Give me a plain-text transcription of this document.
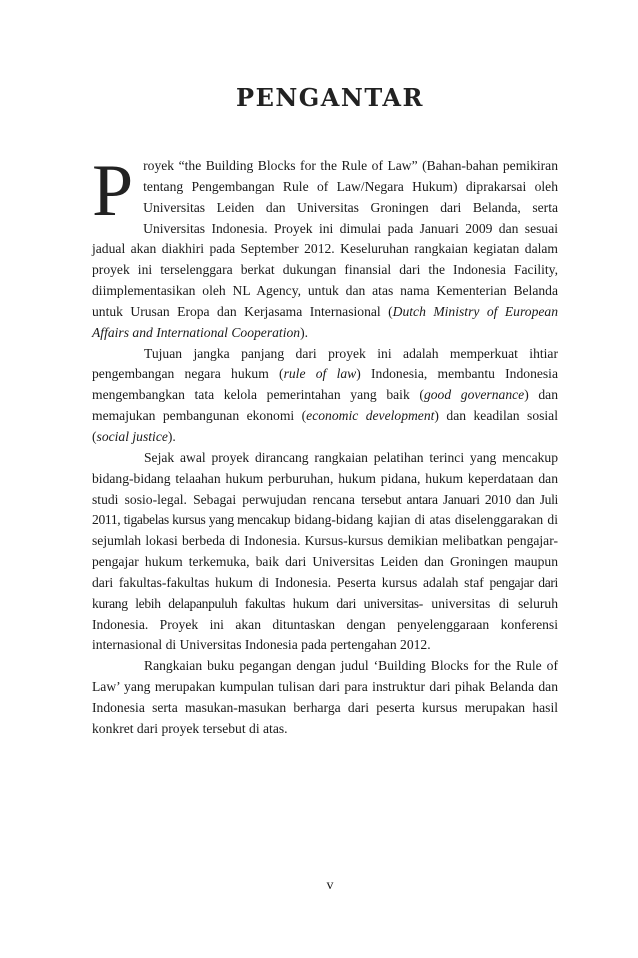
PENGANTAR

Proyek “the Building Blocks for the Rule of Law” (Bahan-bahan pemikiran tentang Pengembangan Rule of Law/Negara Hukum) diprakarsai oleh Universitas Leiden dan Universitas Groningen dari Belanda, serta Universitas Indonesia. Proyek ini dimulai pada Januari 2009 dan sesuai jadual akan diakhiri pada September 2012. Keseluruhan rangkaian kegiatan dalam proyek ini terselenggara berkat dukungan finansial dari the Indonesia Facility, diimplementasikan oleh NL Agency, untuk dan atas nama Kementerian Belanda untuk Urusan Eropa dan Kerjasama Internasional (Dutch Ministry of European Affairs and International Cooperation).

Tujuan jangka panjang dari proyek ini adalah memperkuat ihtiar pengembangan negara hukum (rule of law) Indonesia, membantu Indonesia mengembangkan tata kelola pemerintahan yang baik (good governance) dan memajukan pembangunan ekonomi (economic development) dan keadilan sosial (social justice).

Sejak awal proyek dirancang rangkaian pelatihan terinci yang mencakup bidang-bidang telaahan hukum perburuhan, hukum pidana, hukum keperdataan dan studi sosio-legal. Sebagai perwujudan rencana tersebut antara Januari 2010 dan Juli 2011, tigabelas kursus yang mencakup bidang-bidang kajian di atas diselenggarakan di sejumlah lokasi berbeda di Indonesia. Kursus-kursus demikian melibatkan pengajar-pengajar hukum terkemuka, baik dari Universitas Leiden dan Groningen maupun dari fakultas-fakultas hukum di Indonesia. Peserta kursus adalah staf pengajar dari kurang lebih delapanpuluh fakultas hukum dari universitas- universitas di seluruh Indonesia. Proyek ini akan dituntaskan dengan penyelenggaraan konferensi internasional di Universitas Indonesia pada pertengahan 2012.

Rangkaian buku pegangan dengan judul ‘Building Blocks for the Rule of Law’ yang merupakan kumpulan tulisan dari para instruktur dari pihak Belanda dan Indonesia serta masukan-masukan berharga dari peserta kursus merupakan hasil konkret dari proyek tersebut di atas.

v
